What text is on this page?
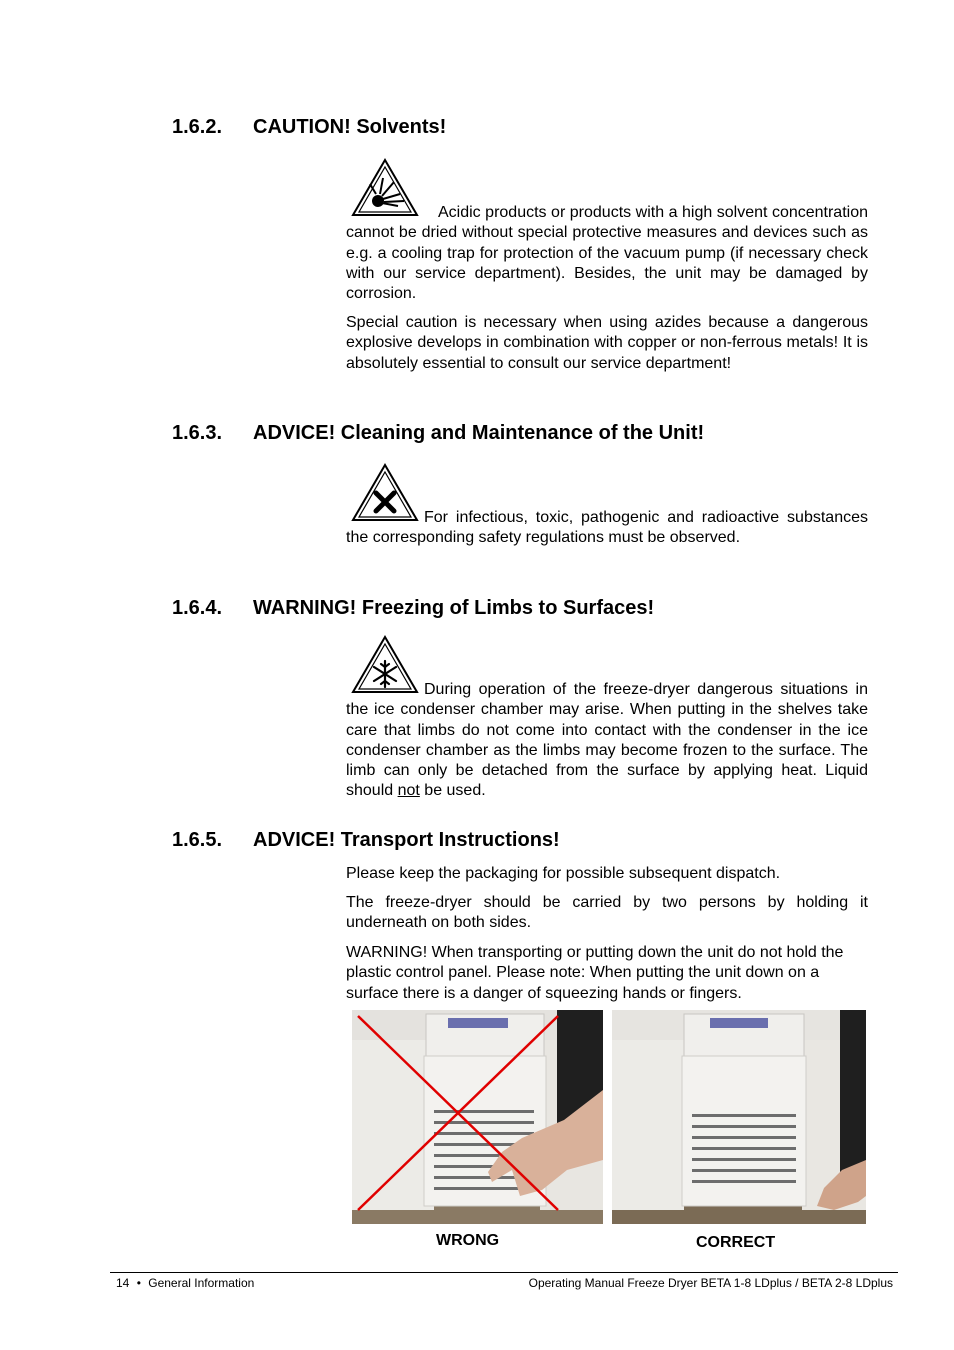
1.6.2. CAUTION! Solvents!

Acidic products or products with a high solvent concentration cannot be dried without special protective measures and devices such as e.g. a cooling trap for protection of the vacuum pump (if necessary check with our service department). Besides, the unit may be damaged by corrosion.

Special caution is necessary when using azides because a dangerous explosive develops in combination with copper or non-ferrous metals! It is absolutely essential to consult our service department!

1.6.3. ADVICE! Cleaning and Maintenance of the Unit!

For infectious, toxic, pathogenic and radioactive substances the corresponding safety regulations must be observed.

1.6.4. WARNING! Freezing of Limbs to Surfaces!

During operation of the freeze-dryer dangerous situations in the ice condenser chamber may arise. When putting in the shelves take care that limbs do not come into contact with the condenser in the ice condenser chamber as the limbs may become frozen to the surface. The limb can only be detached from the surface by applying heat. Liquid should not be used.

1.6.5. ADVICE! Transport Instructions!

Please keep the packaging for possible subsequent dispatch.

The freeze-dryer should be carried by two persons by holding it underneath on both sides.

WARNING! When transporting or putting down the unit do not hold the plastic control panel. Please note: When putting the unit down on a surface there is a danger of squeezing hands or fingers.

WRONG	CORRECT
14 • General Information	Operating Manual Freeze Dryer BETA 1-8 LDplus / BETA 2-8 LDplus
